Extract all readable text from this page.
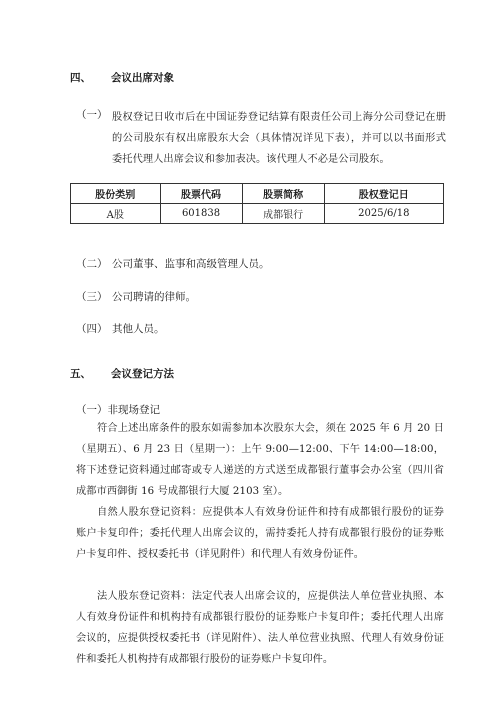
四、 会议出席对象
（一） 股权登记日收市后在中国证券登记结算有限责任公司上海分公司登记在册的公司股东有权出席股东大会（具体情况详见下表），并可以以书面形式委托代理人出席会议和参加表决。该代理人不必是公司股东。
股份类别	股票代码	股票简称	股权登记日
A股	601838	成都银行	2025/6/18
（二） 公司董事、监事和高级管理人员。
（三） 公司聘请的律师。
（四） 其他人员。
五、 会议登记方法
（一）非现场登记
符合上述出席条件的股东如需参加本次股东大会，须在 2025 年 6 月 20 日（星期五）、6 月 23 日（星期一）：上午 9:00—12:00、下午 14:00—18:00，将下述登记资料通过邮寄或专人递送的方式送至成都银行董事会办公室（四川省成都市西御街 16 号成都银行大厦 2103 室）。
自然人股东登记资料：应提供本人有效身份证件和持有成都银行股份的证券账户卡复印件；委托代理人出席会议的，需持委托人持有成都银行股份的证券账户卡复印件、授权委托书（详见附件）和代理人有效身份证件。
法人股东登记资料：法定代表人出席会议的，应提供法人单位营业执照、本人有效身份证件和机构持有成都银行股份的证券账户卡复印件；委托代理人出席会议的，应提供授权委托书（详见附件）、法人单位营业执照、代理人有效身份证件和委托人机构持有成都银行股份的证券账户卡复印件。
